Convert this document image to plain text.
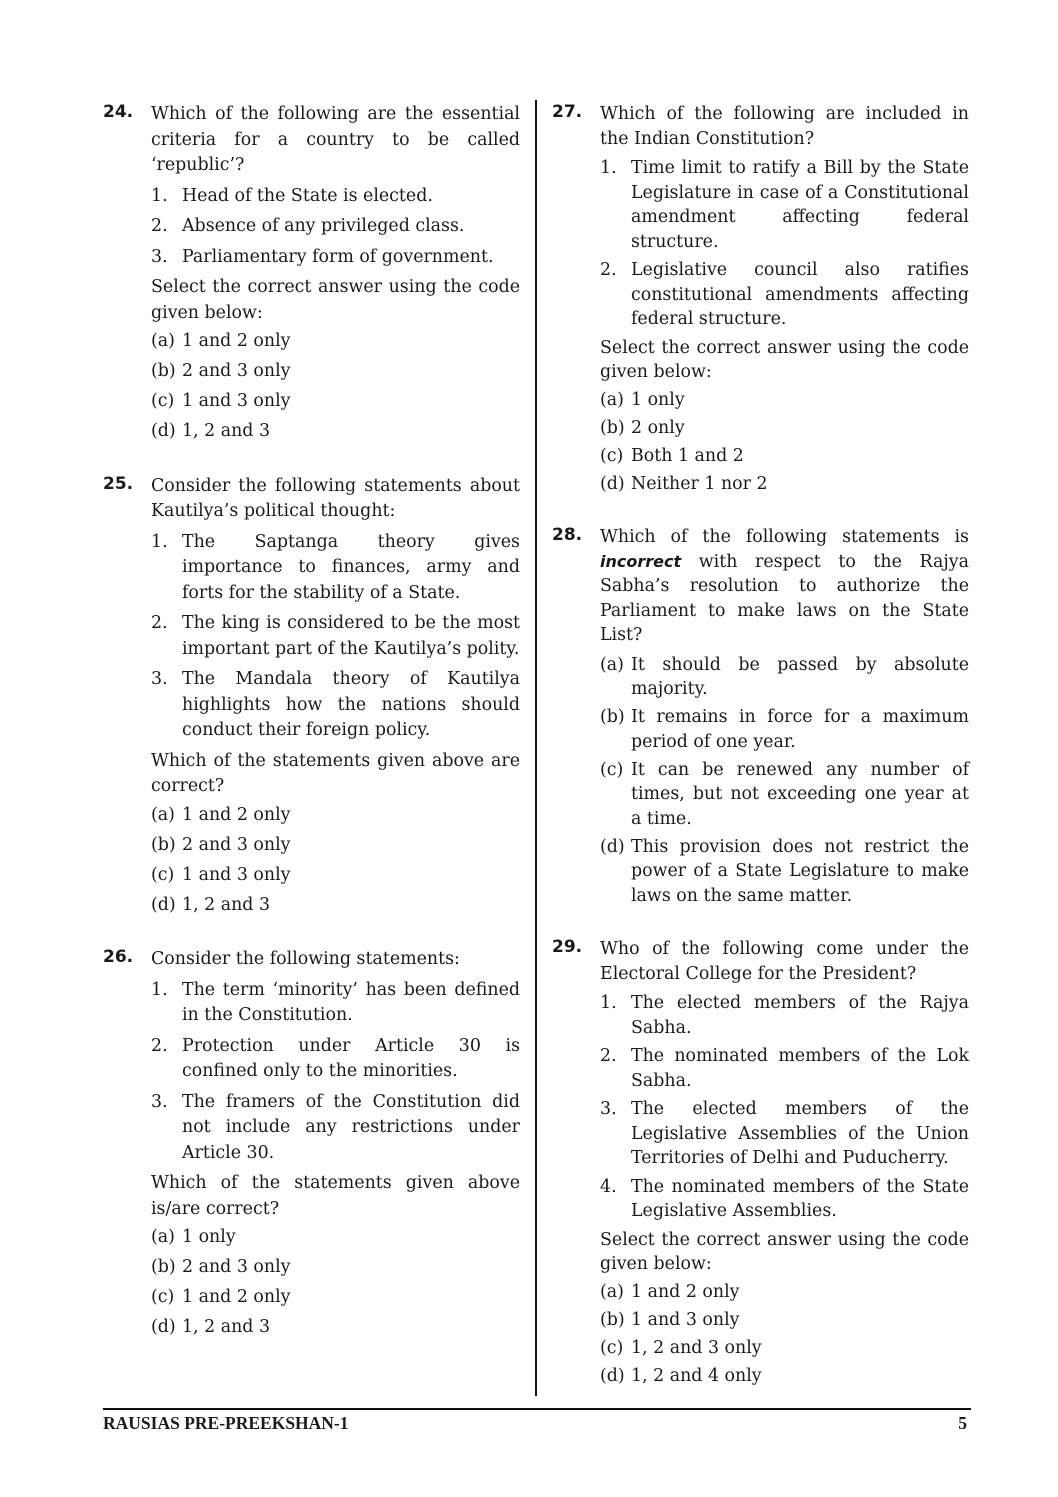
24. Which of the following are the essential criteria for a country to be called ‘republic’?

1. Head of the State is elected.
2. Absence of any privileged class.
3. Parliamentary form of government.

Select the correct answer using the code given below:

(a) 1 and 2 only
(b) 2 and 3 only
(c) 1 and 3 only
(d) 1, 2 and 3
25. Consider the following statements about Kautilya’s political thought:

1. The Saptanga theory gives importance to finances, army and forts for the stability of a State.
2. The king is considered to be the most important part of the Kautilya’s polity.
3. The Mandala theory of Kautilya highlights how the nations should conduct their foreign policy.

Which of the statements given above are correct?

(a) 1 and 2 only
(b) 2 and 3 only
(c) 1 and 3 only
(d) 1, 2 and 3
26. Consider the following statements:

1. The term ‘minority’ has been defined in the Constitution.
2. Protection under Article 30 is confined only to the minorities.
3. The framers of the Constitution did not include any restrictions under Article 30.

Which of the statements given above is/are correct?

(a) 1 only
(b) 2 and 3 only
(c) 1 and 2 only
(d) 1, 2 and 3
27. Which of the following are included in the Indian Constitution?

1. Time limit to ratify a Bill by the State Legislature in case of a Constitutional amendment affecting federal structure.
2. Legislative council also ratifies constitutional amendments affecting federal structure.

Select the correct answer using the code given below:

(a) 1 only
(b) 2 only
(c) Both 1 and 2
(d) Neither 1 nor 2
28. Which of the following statements is incorrect with respect to the Rajya Sabha’s resolution to authorize the Parliament to make laws on the State List?

(a) It should be passed by absolute majority.
(b) It remains in force for a maximum period of one year.
(c) It can be renewed any number of times, but not exceeding one year at a time.
(d) This provision does not restrict the power of a State Legislature to make laws on the same matter.
29. Who of the following come under the Electoral College for the President?

1. The elected members of the Rajya Sabha.
2. The nominated members of the Lok Sabha.
3. The elected members of the Legislative Assemblies of the Union Territories of Delhi and Puducherry.
4. The nominated members of the State Legislative Assemblies.

Select the correct answer using the code given below:

(a) 1 and 2 only
(b) 1 and 3 only
(c) 1, 2 and 3 only
(d) 1, 2 and 4 only
RAUSIAS PRE-PREEKSHAN-1	5
